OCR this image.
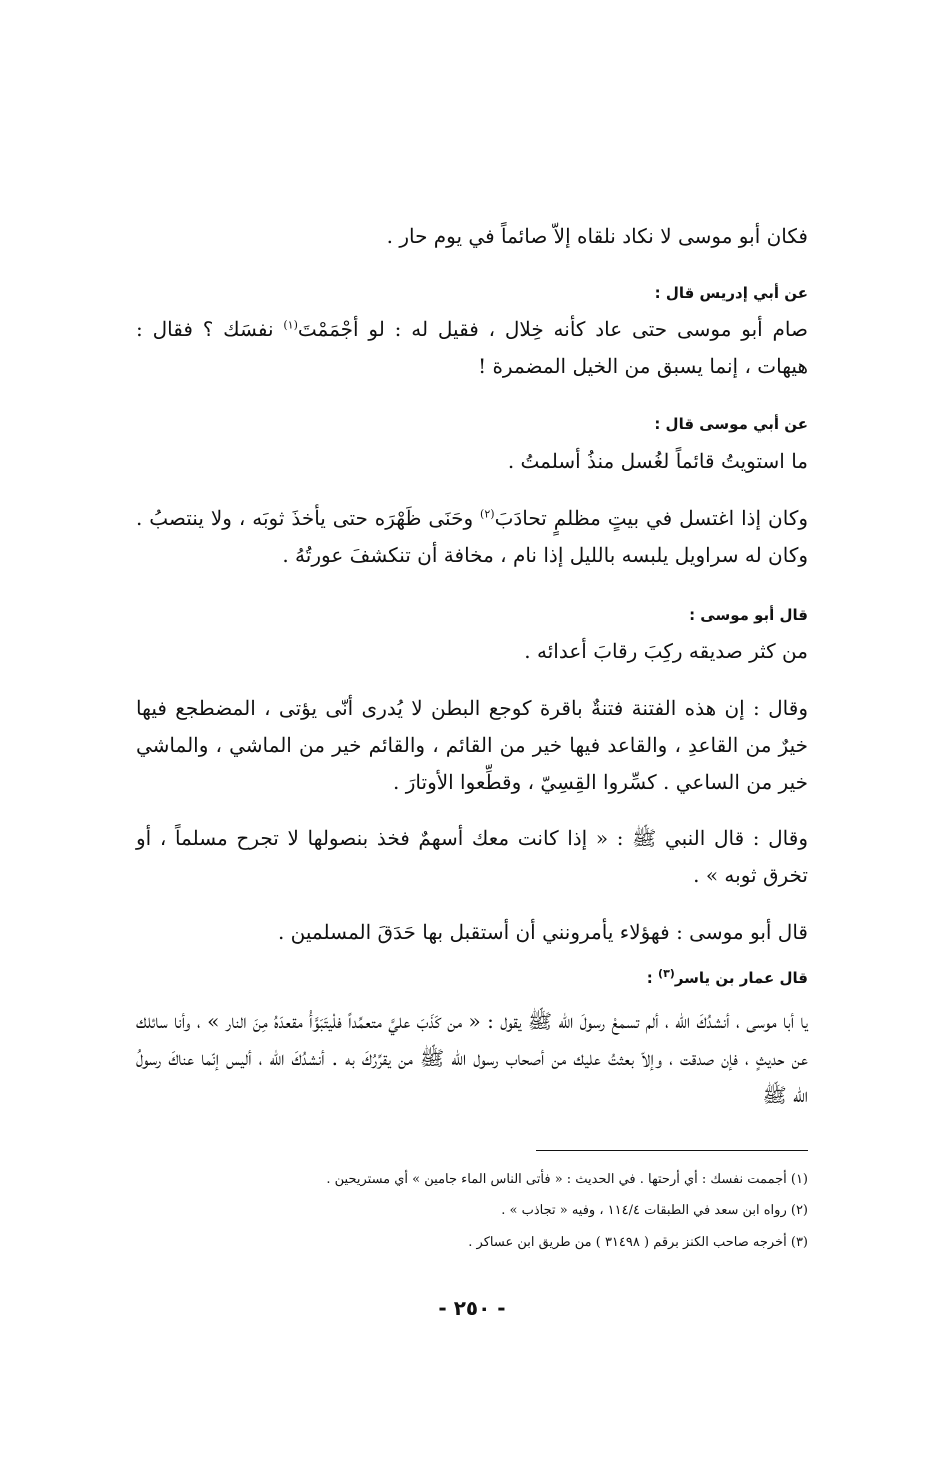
فكان أبو موسى لا نكاد نلقاه إلاّ صائماً في يوم حار .
عن أبي إدريس قال :
صام أبو موسى حتى عاد كأنه خِلال ، فقيل له : لو أجْمَمْتَ$^{(١)}$ نفسَك ؟ فقال : هيهات ، إنما يسبق من الخيل المضمرة !
عن أبي موسى قال :
ما استويتُ قائماً لغُسل منذُ أسلمتُ .
وكان إذا اغتسل في بيتٍ مظلمٍ تحادَبَ$^{(٢)}$ وحَنَى ظَهْرَه حتى يأخذَ ثوبَه ، ولا ينتصبُ . وكان له سراويل يلبسه بالليل إذا نام ، مخافة أن تنكشفَ عورتُهُ .
قال أبو موسى :
من كثر صديقه ركِبَ رقابَ أعدائه .
وقال : إن هذه الفتنة فتنةٌ باقرة كوجع البطن لا يُدرى أنّى يؤتى ، المضطجع فيها خيرٌ من القاعدِ ، والقاعد فيها خير من القائم ، والقائم خير من الماشي ، والماشي خير من الساعي . كسِّروا القِسِيّ ، وقطِّعوا الأوتارَ .
وقال : قال النبي ﷺ : « إذا كانت معك أسهمٌ فخذ بنصولها لا تجرح مسلماً ، أو تخرق ثوبه » .
قال أبو موسى : فهؤلاء يأمرونني أن أستقبل بها حَدَقَ المسلمين .
قال عمار بن ياسر$^{(٣)}$ :
يا أبا موسى ، أنشدُكَ الله ، ألم تسمعْ رسولَ الله ﷺ يقول : « من كَذَبَ عليَّ متعمِّداً فلْيتَبَوَّأْ مقعدَهُ مِنَ النار » ، وأنا سائلك عن حديثٍ ، فإن صدقت ، وإلاّ بعثتُ عليك من أصحاب رسول الله ﷺ من يقرِّرُكَ به . أنشدُكَ الله ، أليس إنّما عناكَ رسولُ الله ﷺ
(١) أجممت نفسك : أي أرحتها . في الحديث : « فأتى الناس الماء جامين » أي مستريحين .
(٢) رواه ابن سعد في الطبقات ١١٤/٤ ، وفيه « تجاذب » .
(٣) أخرجه صاحب الكنز برقم ( ٣١٤٩٨ ) من طريق ابن عساكر .
- ٢٥٠ -
